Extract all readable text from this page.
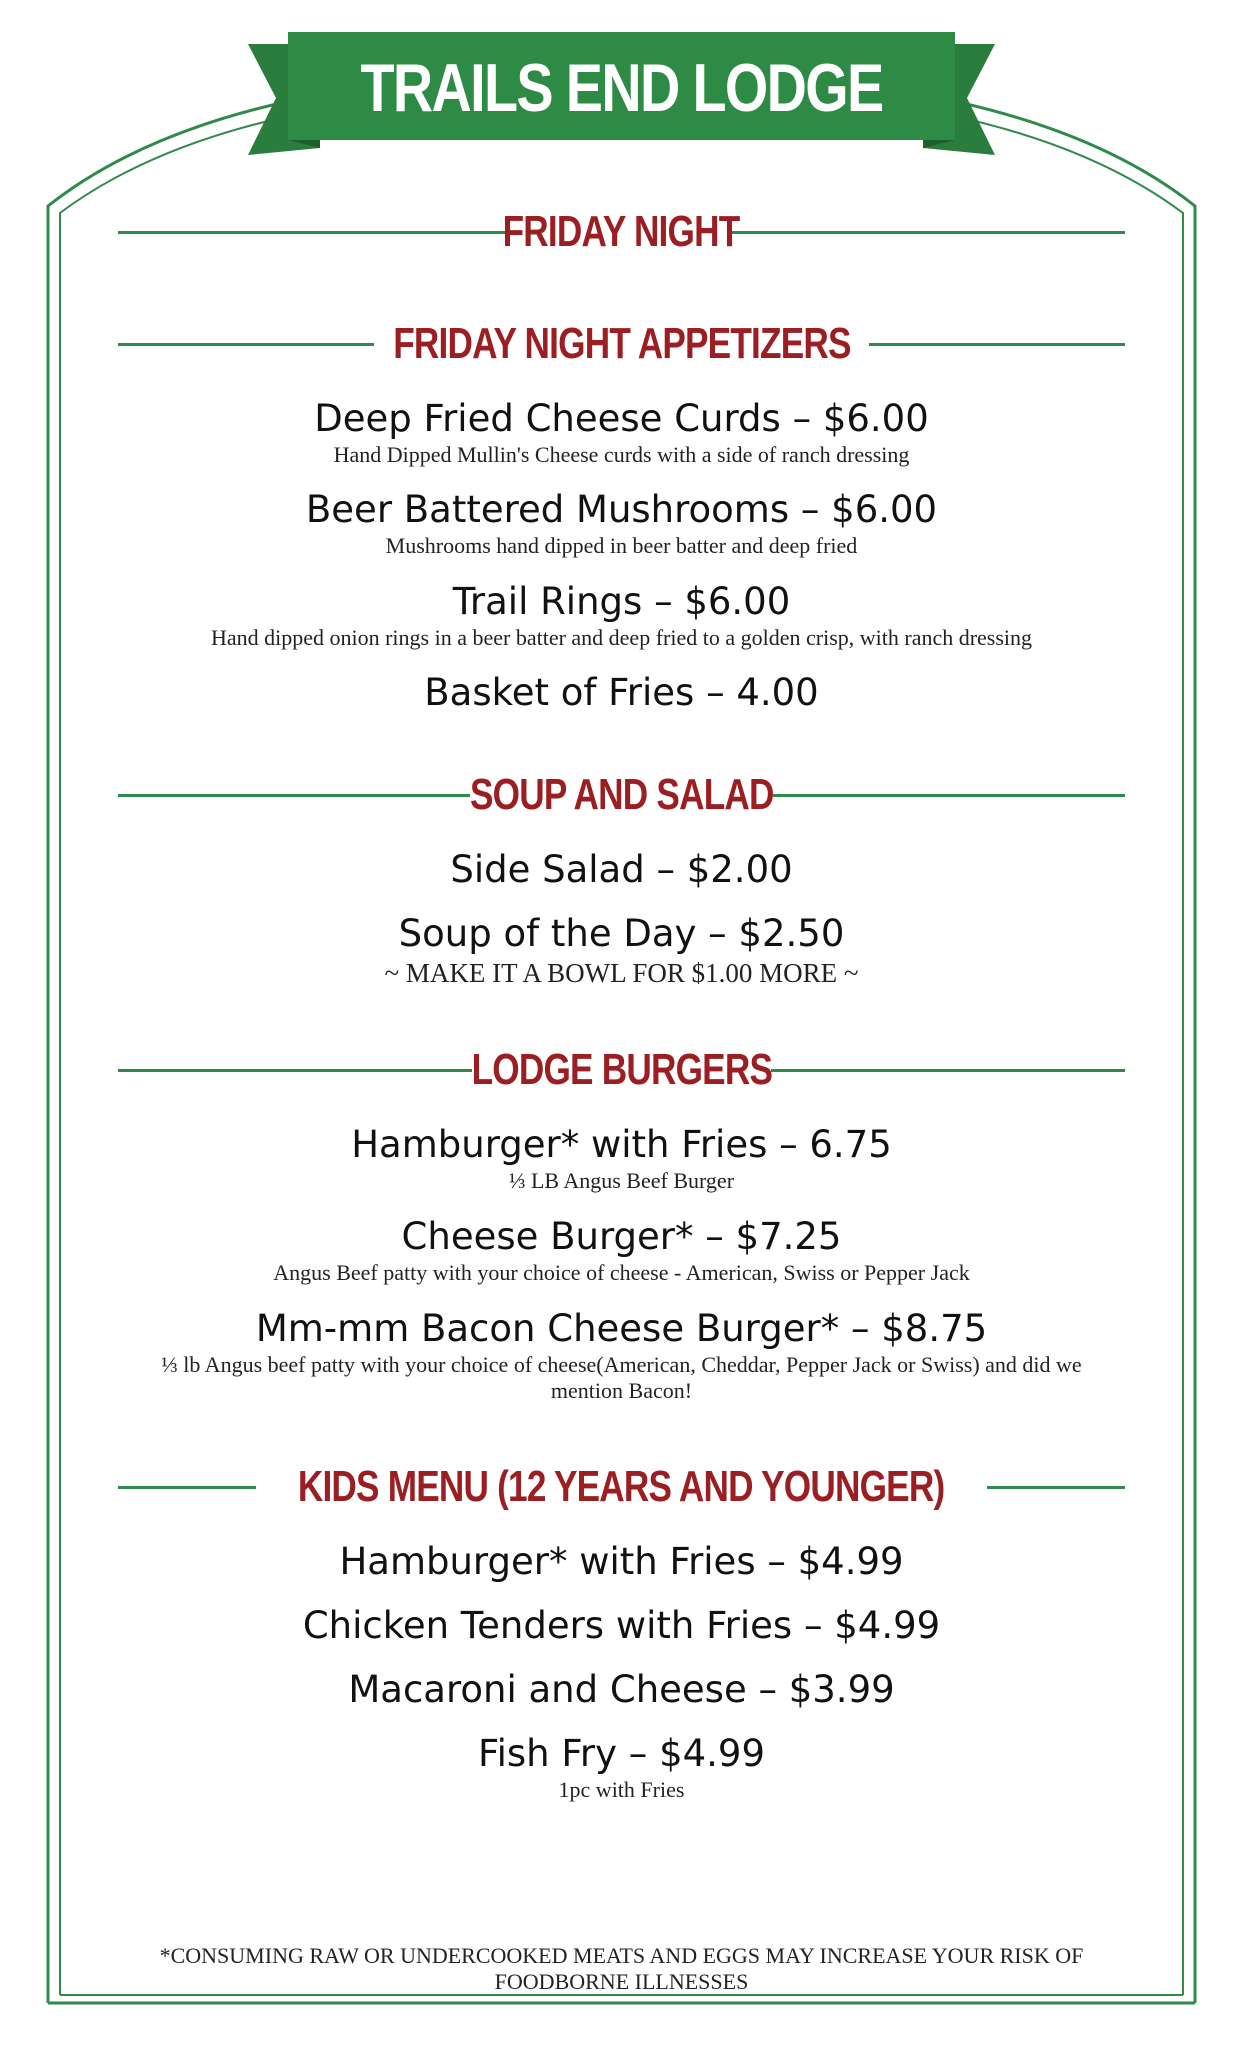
TRAILS END LODGE
FRIDAY NIGHT
FRIDAY NIGHT APPETIZERS
Deep Fried Cheese Curds – $6.00
Hand Dipped Mullin's Cheese curds with a side of ranch dressing
Beer Battered Mushrooms – $6.00
Mushrooms hand dipped in beer batter and deep fried
Trail Rings – $6.00
Hand dipped onion rings in a beer batter and deep fried to a golden crisp, with ranch dressing
Basket of Fries – 4.00
SOUP AND SALAD
Side Salad – $2.00
Soup of the Day – $2.50
~ MAKE IT A BOWL FOR $1.00 MORE ~
LODGE BURGERS
Hamburger* with Fries – 6.75
⅓ LB Angus Beef Burger
Cheese Burger* – $7.25
Angus Beef patty with your choice of cheese - American, Swiss or Pepper Jack
Mm-mm Bacon Cheese Burger* – $8.75
⅓ lb Angus beef patty with your choice of cheese(American, Cheddar, Pepper Jack or Swiss) and did we mention Bacon!
KIDS MENU (12 YEARS AND YOUNGER)
Hamburger* with Fries – $4.99
Chicken Tenders with Fries – $4.99
Macaroni and Cheese – $3.99
Fish Fry – $4.99
1pc with Fries
*CONSUMING RAW OR UNDERCOOKED MEATS AND EGGS MAY INCREASE YOUR RISK OF FOODBORNE ILLNESSES
